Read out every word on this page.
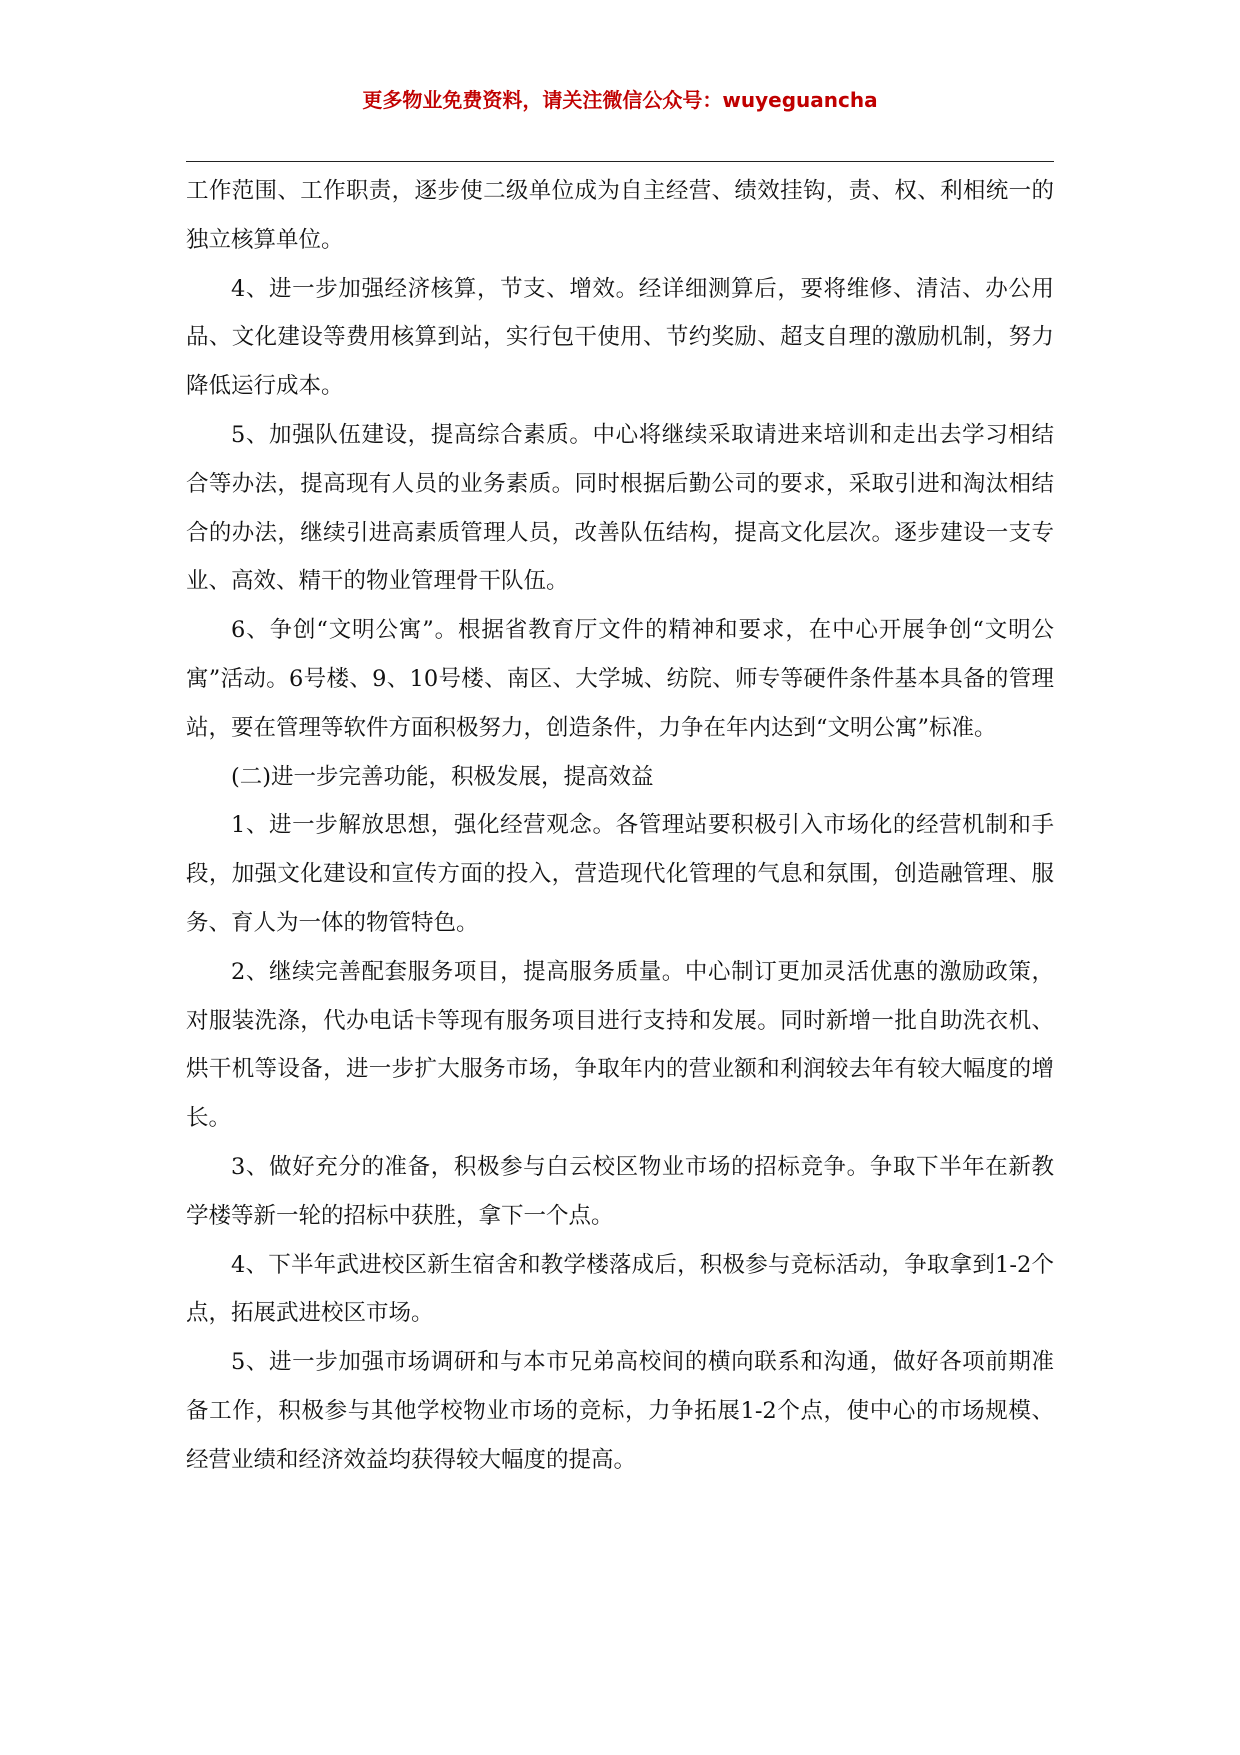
更多物业免费资料，请关注微信公众号：wuyeguancha

工作范围、工作职责，逐步使二级单位成为自主经营、绩效挂钩，责、权、利相统一的独立核算单位。

4、进一步加强经济核算，节支、增效。经详细测算后，要将维修、清洁、办公用品、文化建设等费用核算到站，实行包干使用、节约奖励、超支自理的激励机制，努力降低运行成本。

5、加强队伍建设，提高综合素质。中心将继续采取请进来培训和走出去学习相结合等办法，提高现有人员的业务素质。同时根据后勤公司的要求，采取引进和淘汰相结合的办法，继续引进高素质管理人员，改善队伍结构，提高文化层次。逐步建设一支专业、高效、精干的物业管理骨干队伍。

6、争创“文明公寓”。根据省教育厅文件的精神和要求，在中心开展争创“文明公寓”活动。6号楼、9、10号楼、南区、大学城、纺院、师专等硬件条件基本具备的管理站，要在管理等软件方面积极努力，创造条件，力争在年内达到“文明公寓”标准。

(二)进一步完善功能，积极发展，提高效益

1、进一步解放思想，强化经营观念。各管理站要积极引入市场化的经营机制和手段，加强文化建设和宣传方面的投入，营造现代化管理的气息和氛围，创造融管理、服务、育人为一体的物管特色。

2、继续完善配套服务项目，提高服务质量。中心制订更加灵活优惠的激励政策，对服装洗涤，代办电话卡等现有服务项目进行支持和发展。同时新增一批自助洗衣机、烘干机等设备，进一步扩大服务市场，争取年内的营业额和利润较去年有较大幅度的增长。

3、做好充分的准备，积极参与白云校区物业市场的招标竞争。争取下半年在新教学楼等新一轮的招标中获胜，拿下一个点。

4、下半年武进校区新生宿舍和教学楼落成后，积极参与竞标活动，争取拿到1-2个点，拓展武进校区市场。

5、进一步加强市场调研和与本市兄弟高校间的横向联系和沟通，做好各项前期准备工作，积极参与其他学校物业市场的竞标，力争拓展1-2个点，使中心的市场规模、经营业绩和经济效益均获得较大幅度的提高。
